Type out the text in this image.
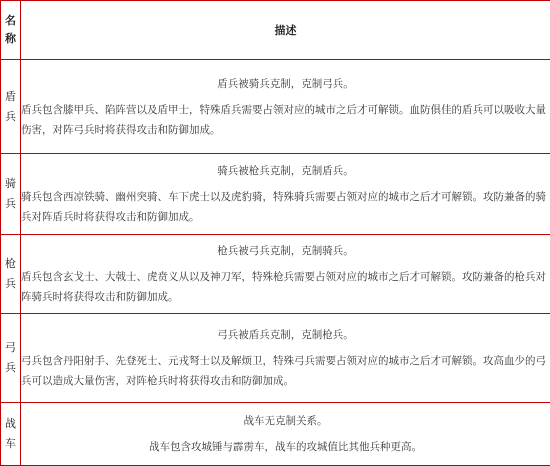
名称	描述
盾兵	盾兵被骑兵克制，克制弓兵。
盾兵包含膝甲兵、陷阵营以及盾甲士，特殊盾兵需要占领对应的城市之后才可解锁。血防俱佳的盾兵可以吸收大量伤害，对阵弓兵时将获得攻击和防御加成。

骑兵	骑兵被枪兵克制，克制盾兵。
骑兵包含西凉铁骑、幽州突骑、车下虎士以及虎豹骑，特殊骑兵需要占领对应的城市之后才可解锁。攻防兼备的骑兵对阵盾兵时将获得攻击和防御加成。

枪兵	枪兵被弓兵克制，克制骑兵。
盾兵包含玄戈士、大戟士、虎贲义从以及神刀军，特殊枪兵需要占领对应的城市之后才可解锁。攻防兼备的枪兵对阵骑兵时将获得攻击和防御加成。

弓兵	弓兵被盾兵克制，克制枪兵。
弓兵包含丹阳射手、先登死士、元戎弩士以及解烦卫，特殊弓兵需要占领对应的城市之后才可解锁。攻高血少的弓兵可以造成大量伤害，对阵枪兵时将获得攻击和防御加成。

战车	战车无克制关系。
战车包含攻城锤与霹雳车，战车的攻城值比其他兵种更高。
